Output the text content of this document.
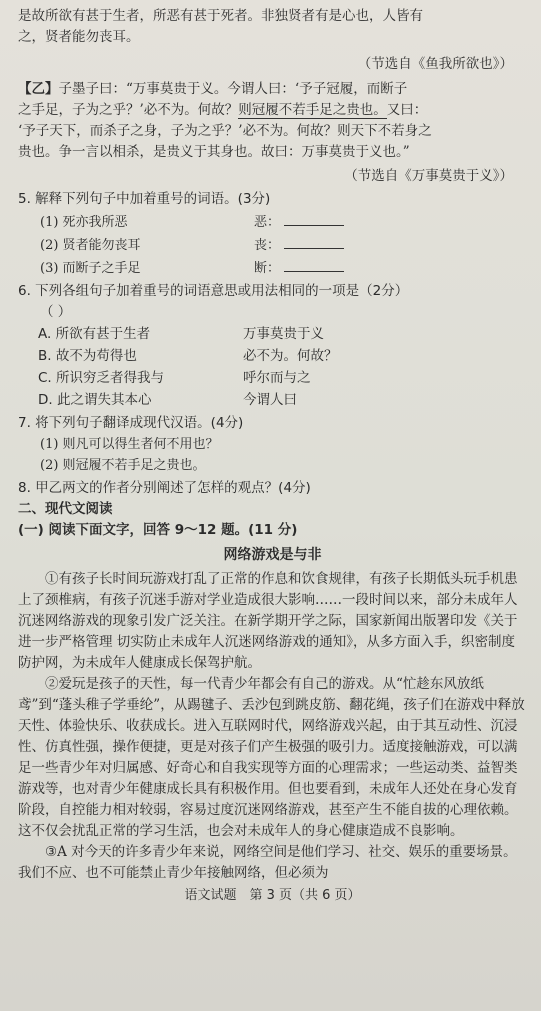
是故所欲有甚于生者，所恶有甚于死者。非独贤者有是心也，人皆有

之，贤者能勿丧耳。

（节选自《鱼我所欲也》）

【乙】子墨子曰：“万事莫贵于义。今谓人曰：‘予子冠履，而断子

之手足，子为之乎？’必不为。何故？则冠履不若手足之贵也。又曰：

‘予子天下，而杀子之身，子为之乎？’必不为。何故？则天下不若身之

贵也。争一言以相杀，是贵义于其身也。故曰：万事莫贵于义也。”

（节选自《万事莫贵于义》）

5. 解释下列句子中加着重号的词语。(3分)

(1) 死亦我所恶	恶：
(2) 贤者能勿丧耳	丧：
(3) 而断子之手足	断：

6. 下列各组句子加着重号的词语意思或用法相同的一项是（2分）

（ ）

A. 所欲有甚于生者	万事莫贵于义
B. 故不为苟得也	必不为。何故？
C. 所识穷乏者得我与	呼尔而与之
D. 此之谓失其本心	今谓人曰

7. 将下列句子翻译成现代汉语。(4分)

(1) 则凡可以得生者何不用也？

(2) 则冠履不若手足之贵也。

8. 甲乙两文的作者分别阐述了怎样的观点？(4分)

二、现代文阅读

(一) 阅读下面文字，回答 9～12 题。(11 分)

网络游戏是与非

①有孩子长时间玩游戏打乱了正常的作息和饮食规律，有孩子长期低头玩手机患上了颈椎病，有孩子沉迷手游对学业造成很大影响……一段时间以来，部分未成年人沉迷网络游戏的现象引发广泛关注。在新学期开学之际，国家新闻出版署印发《关于进一步严格管理 切实防止未成年人沉迷网络游戏的通知》，从多方面入手，织密制度防护网，为未成年人健康成长保驾护航。

②爱玩是孩子的天性，每一代青少年都会有自己的游戏。从“忙趁东风放纸鸢”到“蓬头稚子学垂纶”，从踢毽子、丢沙包到跳皮筋、翻花绳，孩子们在游戏中释放天性、体验快乐、收获成长。进入互联网时代，网络游戏兴起，由于其互动性、沉浸性、仿真性强，操作便捷，更是对孩子们产生极强的吸引力。适度接触游戏，可以满足一些青少年对归属感、好奇心和自我实现等方面的心理需求；一些运动类、益智类游戏等，也对青少年健康成长具有积极作用。但也要看到，未成年人还处在身心发育阶段，自控能力相对较弱，容易过度沉迷网络游戏，甚至产生不能自拔的心理依赖。这不仅会扰乱正常的学习生活，也会对未成年人的身心健康造成不良影响。

③A 对今天的许多青少年来说，网络空间是他们学习、社交、娱乐的重要场景。我们不应、也不可能禁止青少年接触网络，但必须为

语文试题　第 3 页（共 6 页）
